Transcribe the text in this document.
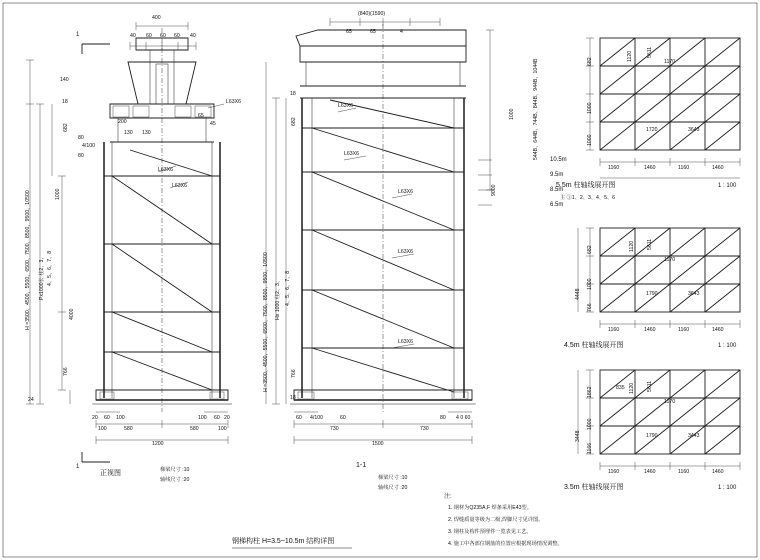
400
40 60 60 60 40
H =3500、4500、5500、6500、7500、8500、9500、10500 Px1000长 柱2、3、 4、5、6、7、8
140
18
682
1000
4000
766
24
20 60 100	100 60 20
100	580	580	100
1200
200
65
45
130 130
80
4/100
80
L63X6
L63X6
L63X6
正视图	梯梁尺寸 :10
轴线尺寸 :20
1
1
(840)(1590)
65	65	4
H =3500、4500、5500、6500、7500、8500、9500、10500 Hx 1000 柱2、3、 4、5、6、7、8
544B、644B、744B、844B、944B、1044B
18
682
1000
9000
766
18
60 4/100	60	80 4 0 60
730	730
1500
L63X6
L63X6
L63X6
L63X6
L63X6
1-1
梯梁尺寸 :10
轴线尺寸 :20
10.5m
9.5m
8.5m
6.5m
682
1000
1000
1170
1720	3643
5611
1120
1160	1460	1160	1460
5.5m 柱轴线展开图	1 : 100
主 ①1、2、3、4、5、6
682
1000
766
4448
1170
1790	3643
5611
1120
1160	1460	1160	1460
4.5m 柱轴线展开图	1 : 100
1862
1000
1166
3448
1170
1790	3443
5611
1120
835
1160	1460	1160	1460
3.5m 柱轴线展开图	1 : 100
注:
1. 钢材为Q235A,F 焊条采用E43型。
2. 焊缝质量等级为二级,焊脚尺寸见详图。
3. 钢柱及构件预埋件一览表见工艺。
4. 施工中各部位钢筋的位置应根据现场情况调整。
钢梯构柱 H=3.5~10.5m 结构详图
